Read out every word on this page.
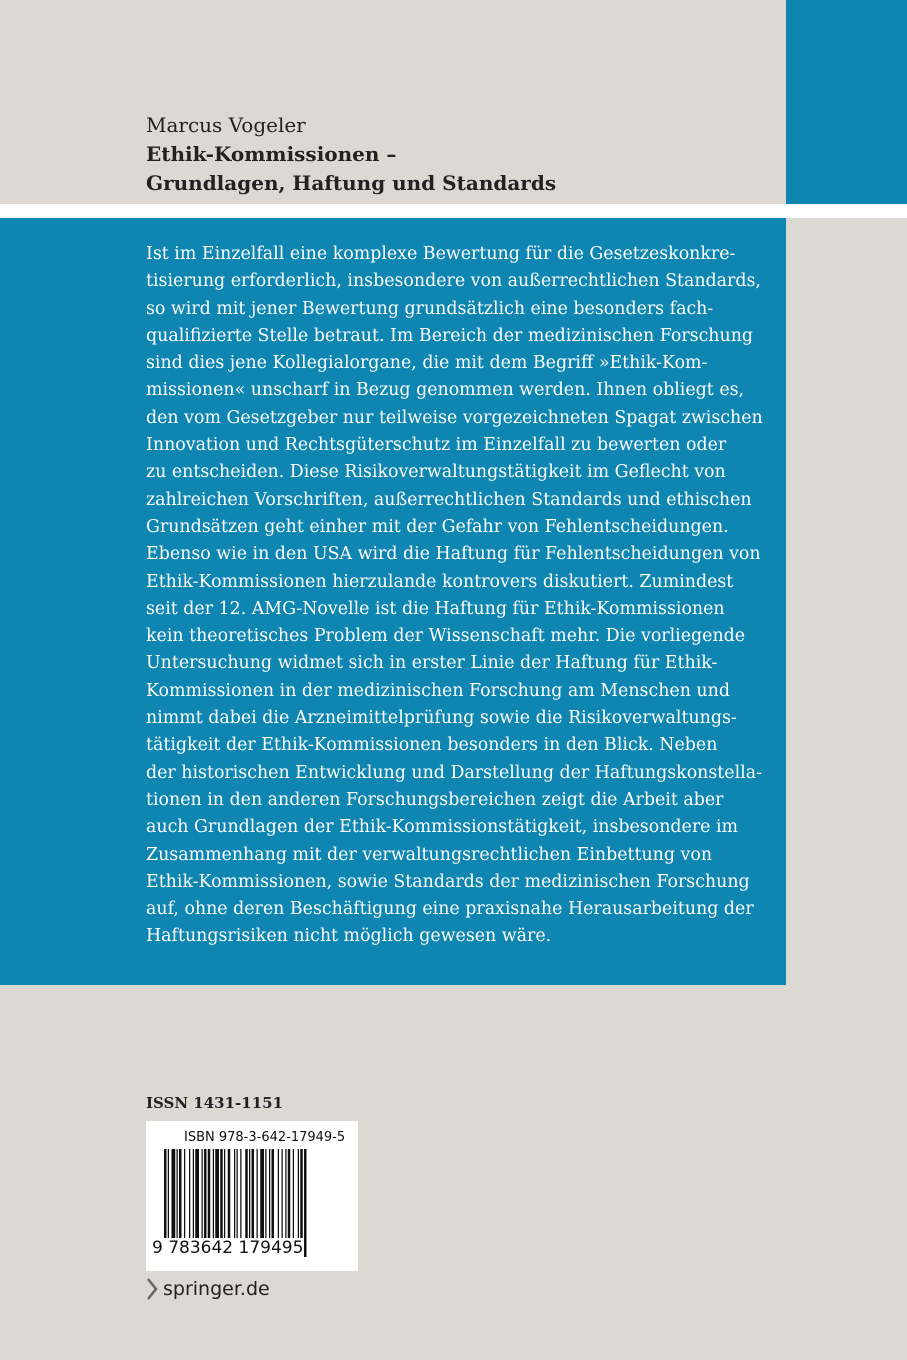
Marcus Vogeler
Ethik-Kommissionen –
Grundlagen, Haftung und Standards
Ist im Einzelfall eine komplexe Bewertung für die Gesetzeskonkre-
tisierung erforderlich, insbesondere von außerrechtlichen Standards,
so wird mit jener Bewertung grundsätzlich eine besonders fach-
qualifizierte Stelle betraut. Im Bereich der medizinischen Forschung
sind dies jene Kollegialorgane, die mit dem Begriff »Ethik-Kom-
missionen« unscharf in Bezug genommen werden. Ihnen obliegt es,
den vom Gesetzgeber nur teilweise vorgezeichneten Spagat zwischen
Innovation und Rechtsgüterschutz im Einzelfall zu bewerten oder
zu entscheiden. Diese Risikoverwaltungstätigkeit im Geflecht von
zahlreichen Vorschriften, außerrechtlichen Standards und ethischen
Grundsätzen geht einher mit der Gefahr von Fehlentscheidungen.
Ebenso wie in den USA wird die Haftung für Fehlentscheidungen von
Ethik-Kommissionen hierzulande kontrovers diskutiert. Zumindest
seit der 12. AMG-Novelle ist die Haftung für Ethik-Kommissionen
kein theoretisches Problem der Wissenschaft mehr. Die vorliegende
Untersuchung widmet sich in erster Linie der Haftung für Ethik-
Kommissionen in der medizinischen Forschung am Menschen und
nimmt dabei die Arzneimittelprüfung sowie die Risikoverwaltungs-
tätigkeit der Ethik-Kommissionen besonders in den Blick. Neben
der historischen Entwicklung und Darstellung der Haftungskonstella-
tionen in den anderen Forschungsbereichen zeigt die Arbeit aber
auch Grundlagen der Ethik-Kommissionstätigkeit, insbesondere im
Zusammenhang mit der verwaltungsrechtlichen Einbettung von
Ethik-Kommissionen, sowie Standards der medizinischen Forschung
auf, ohne deren Beschäftigung eine praxisnahe Herausarbeitung der
Haftungsrisiken nicht möglich gewesen wäre.
ISSN 1431-1151
ISBN 978-3-642-17949-5
9 783642 179495
springer.de
